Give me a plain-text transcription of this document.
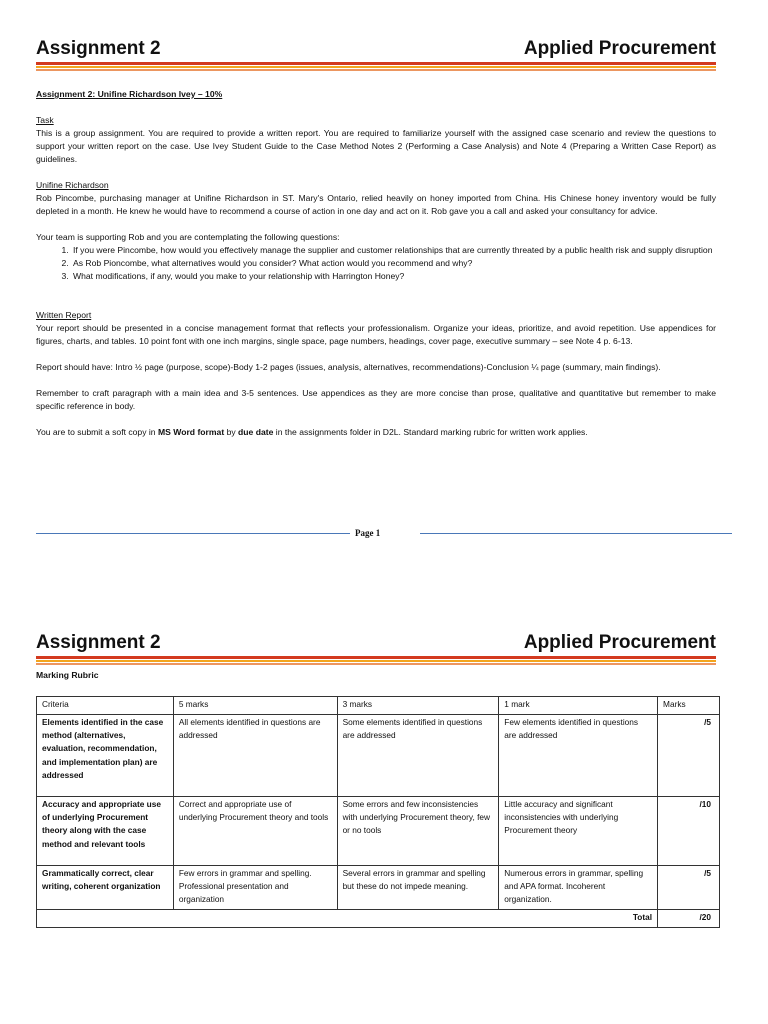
Assignment 2	Applied Procurement

Assignment 2: Unifine Richardson Ivey – 10%

Task

This is a group assignment. You are required to provide a written report. You are required to familiarize yourself with the assigned case scenario and review the questions to support your written report on the case. Use Ivey Student Guide to the Case Method Notes 2 (Performing a Case Analysis) and Note 4 (Preparing a Written Case Report) as guidelines.

Unifine Richardson

Rob Pincombe, purchasing manager at Unifine Richardson in ST. Mary's Ontario, relied heavily on honey imported from China. His Chinese honey inventory would be fully depleted in a month. He knew he would have to recommend a course of action in one day and act on it. Rob gave you a call and asked your consultancy for advice.

Your team is supporting Rob and you are contemplating the following questions:

1. If you were Pincombe, how would you effectively manage the supplier and customer relationships that are currently threated by a public health risk and supply disruption
2. As Rob Pioncombe, what alternatives would you consider? What action would you recommend and why?
3. What modifications, if any, would you make to your relationship with Harrington Honey?

Written Report

Your report should be presented in a concise management format that reflects your professionalism. Organize your ideas, prioritize, and avoid repetition. Use appendices for figures, charts, and tables. 10 point font with one inch margins, single space, page numbers, headings, cover page, executive summary – see Note 4 p. 6-13.

Report should have: Intro ½ page (purpose, scope)-Body 1-2 pages (issues, analysis, alternatives, recommendations)-Conclusion ¼ page (summary, main findings).

Remember to craft paragraph with a main idea and 3-5 sentences. Use appendices as they are more concise than prose, qualitative and quantitative but remember to make specific reference in body.

You are to submit a soft copy in MS Word format by due date in the assignments folder in D2L. Standard marking rubric for written work applies.

Page 1
Assignment 2	Applied Procurement
Marking Rubric
Criteria	5 marks	3 marks	1 mark	Marks
Elements identified in the case method (alternatives, evaluation, recommendation, and implementation plan) are addressed	All elements identified in questions are addressed	Some elements identified in questions are addressed	Few elements identified in questions are addressed	/5
Accuracy and appropriate use of underlying Procurement theory along with the case method and relevant tools	Correct and appropriate use of underlying Procurement theory and tools	Some errors and few inconsistencies with underlying Procurement theory, few or no tools	Little accuracy and significant inconsistencies with underlying Procurement theory	/10
Grammatically correct, clear writing, coherent organization	Few errors in grammar and spelling. Professional presentation and organization	Several errors in grammar and spelling but these do not impede meaning.	Numerous errors in grammar, spelling and APA format. Incoherent organization.	/5
Total				/20
